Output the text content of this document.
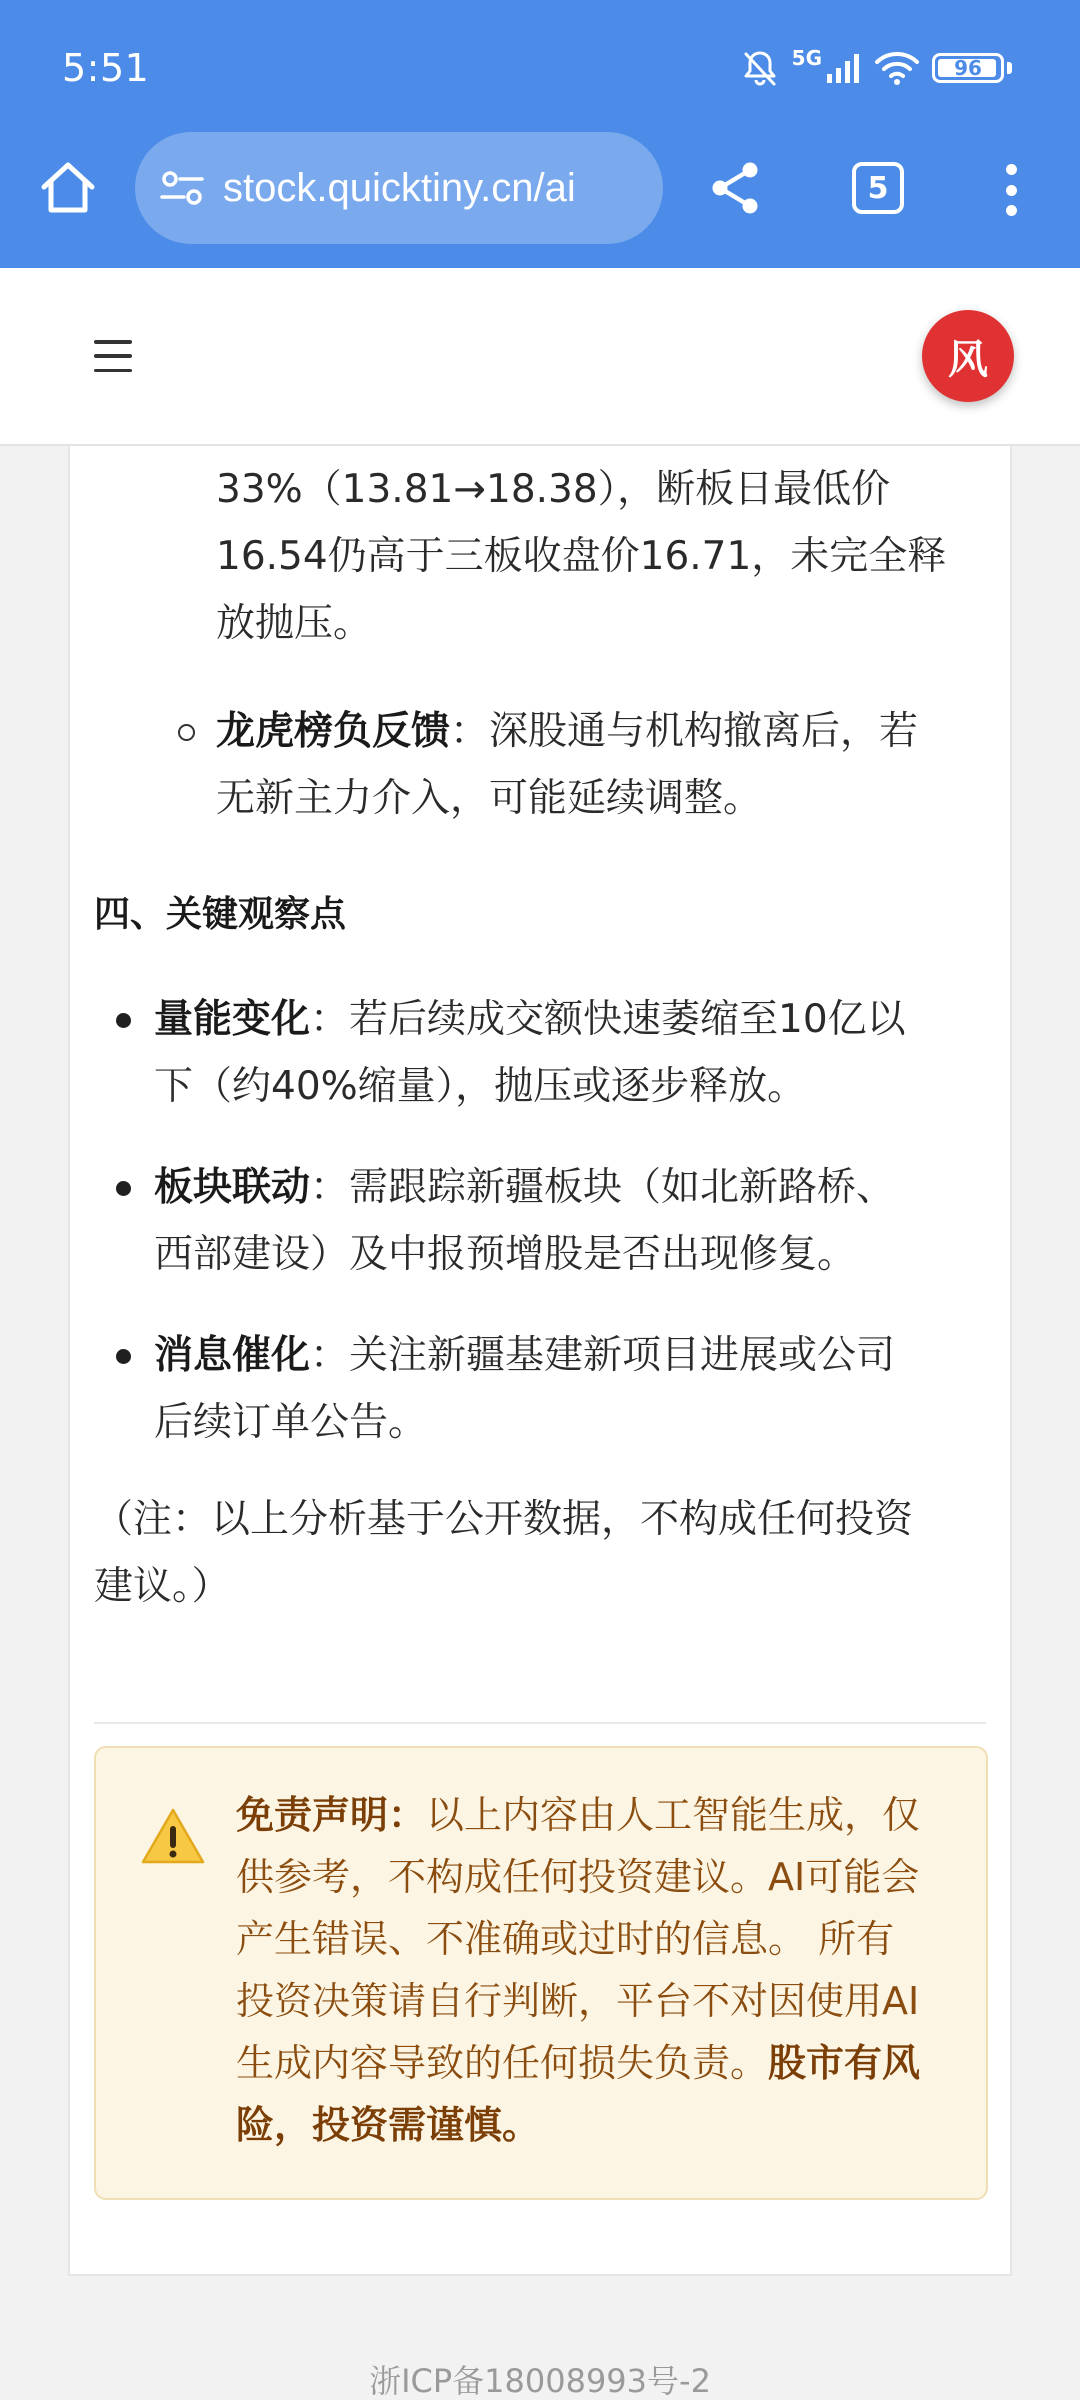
5:51	5G	96
stock.quicktiny.cn/ai	5
风
33%（13.81→18.38），断板日最低价
16.54仍高于三板收盘价16.71，未完全释
放抛压。
龙虎榜负反馈：深股通与机构撤离后，若
无新主力介入，可能延续调整。
四、关键观察点
量能变化：若后续成交额快速萎缩至10亿以
下（约40%缩量），抛压或逐步释放。
板块联动：需跟踪新疆板块（如北新路桥、
西部建设）及中报预增股是否出现修复。
消息催化：关注新疆基建新项目进展或公司
后续订单公告。
（注：以上分析基于公开数据，不构成任何投资
建议。）
免责声明：以上内容由人工智能生成，仅
供参考，不构成任何投资建议。AI可能会
产生错误、不准确或过时的信息。 所有
投资决策请自行判断，平台不对因使用AI
生成内容导致的任何损失负责。股市有风
险，投资需谨慎。
浙ICP备18008993号-2
